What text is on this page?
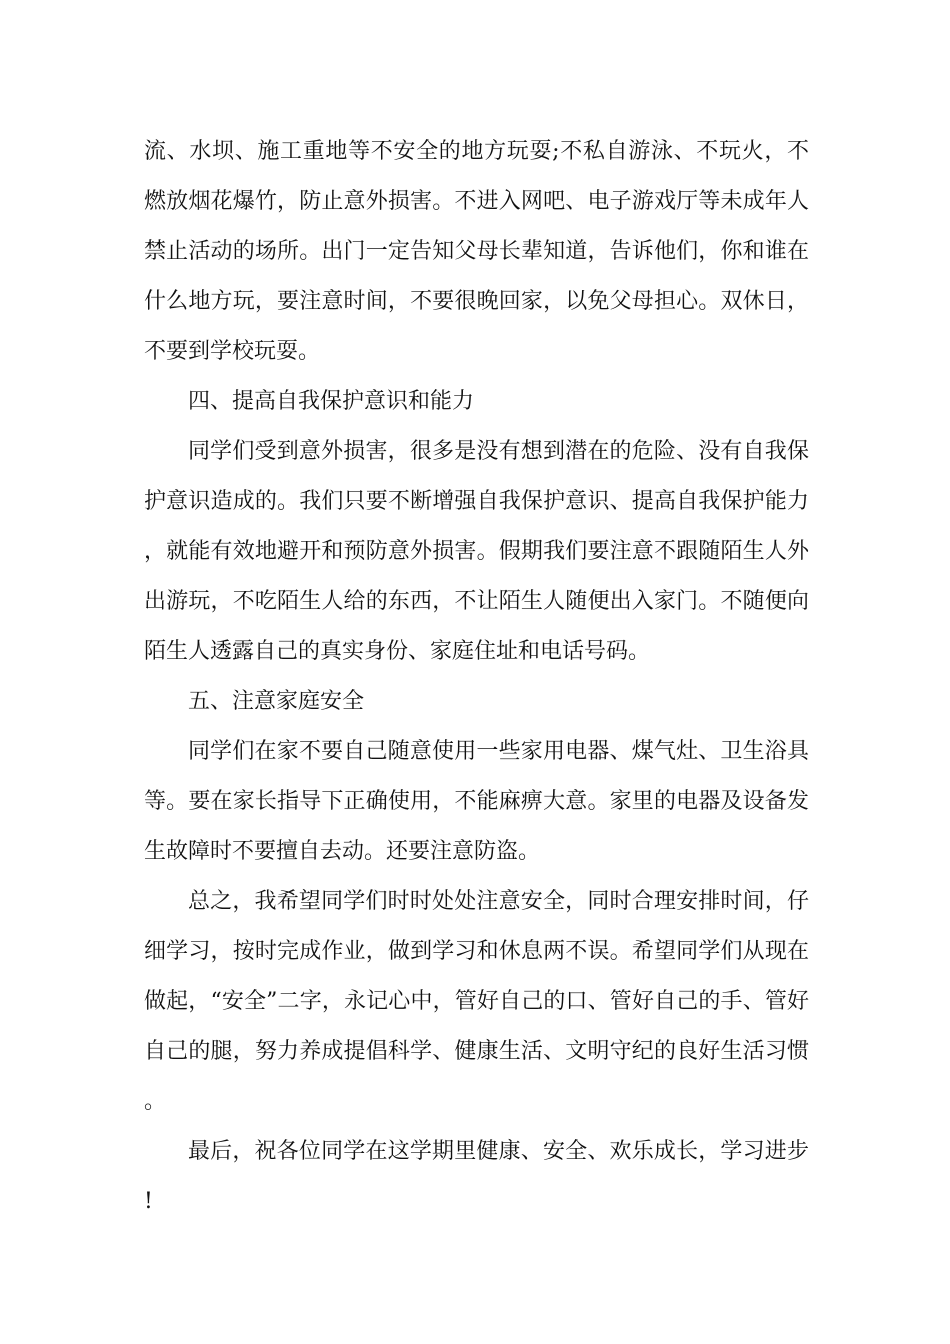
流、水坝、施工重地等不安全的地方玩耍;不私自游泳、不玩火，不燃放烟花爆竹，防止意外损害。不进入网吧、电子游戏厅等未成年人禁止活动的场所。出门一定告知父母长辈知道，告诉他们，你和谁在什么地方玩，要注意时间，不要很晚回家，以免父母担心。双休日，不要到学校玩耍。

四、提高自我保护意识和能力

同学们受到意外损害，很多是没有想到潜在的危险、没有自我保护意识造成的。我们只要不断增强自我保护意识、提高自我保护能力，就能有效地避开和预防意外损害。假期我们要注意不跟随陌生人外出游玩，不吃陌生人给的东西，不让陌生人随便出入家门。不随便向陌生人透露自己的真实身份、家庭住址和电话号码。

五、注意家庭安全

同学们在家不要自己随意使用一些家用电器、煤气灶、卫生浴具等。要在家长指导下正确使用，不能麻痹大意。家里的电器及设备发生故障时不要擅自去动。还要注意防盗。

总之，我希望同学们时时处处注意安全，同时合理安排时间，仔细学习，按时完成作业，做到学习和休息两不误。希望同学们从现在做起，“安全”二字，永记心中，管好自己的口、管好自己的手、管好自己的腿，努力养成提倡科学、健康生活、文明守纪的良好生活习惯。

最后，祝各位同学在这学期里健康、安全、欢乐成长，学习进步!
